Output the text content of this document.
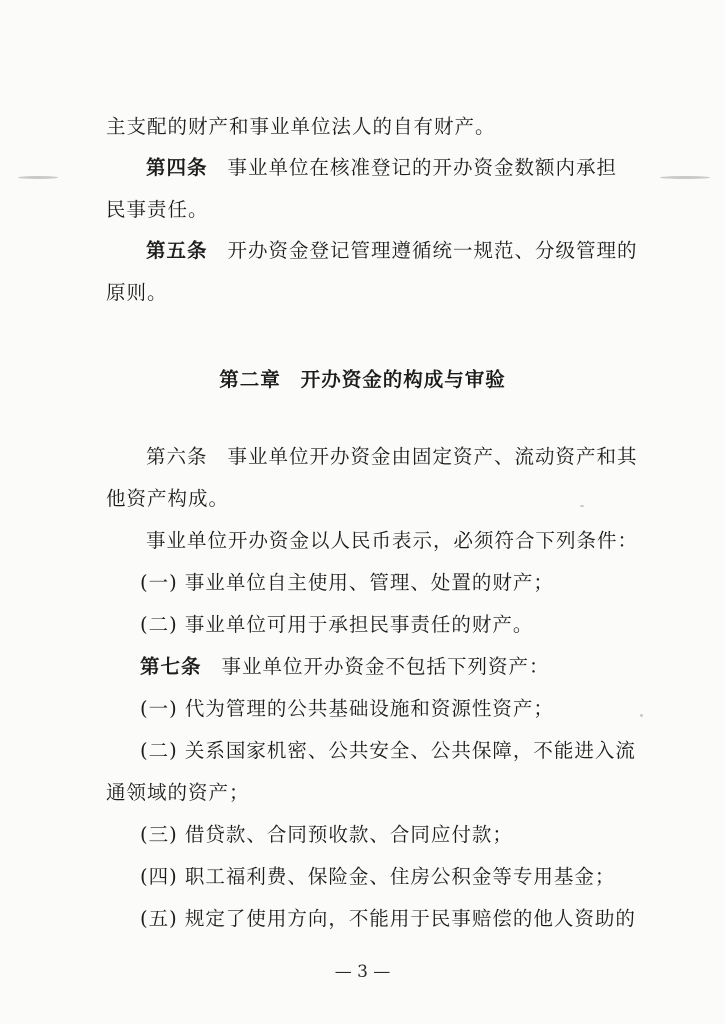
主支配的财产和事业单位法人的自有财产。
第四条 事业单位在核准登记的开办资金数额内承担
民事责任。
第五条 开办资金登记管理遵循统一规范、分级管理的
原则。
第二章 开办资金的构成与审验
第六条 事业单位开办资金由固定资产、流动资产和其
他资产构成。
事业单位开办资金以人民币表示，必须符合下列条件：
(一) 事业单位自主使用、管理、处置的财产；
(二) 事业单位可用于承担民事责任的财产。
第七条 事业单位开办资金不包括下列资产：
(一) 代为管理的公共基础设施和资源性资产；
(二) 关系国家机密、公共安全、公共保障，不能进入流
通领域的资产；
(三) 借贷款、合同预收款、合同应付款；
(四) 职工福利费、保险金、住房公积金等专用基金；
(五) 规定了使用方向，不能用于民事赔偿的他人资助的
— 3 —
